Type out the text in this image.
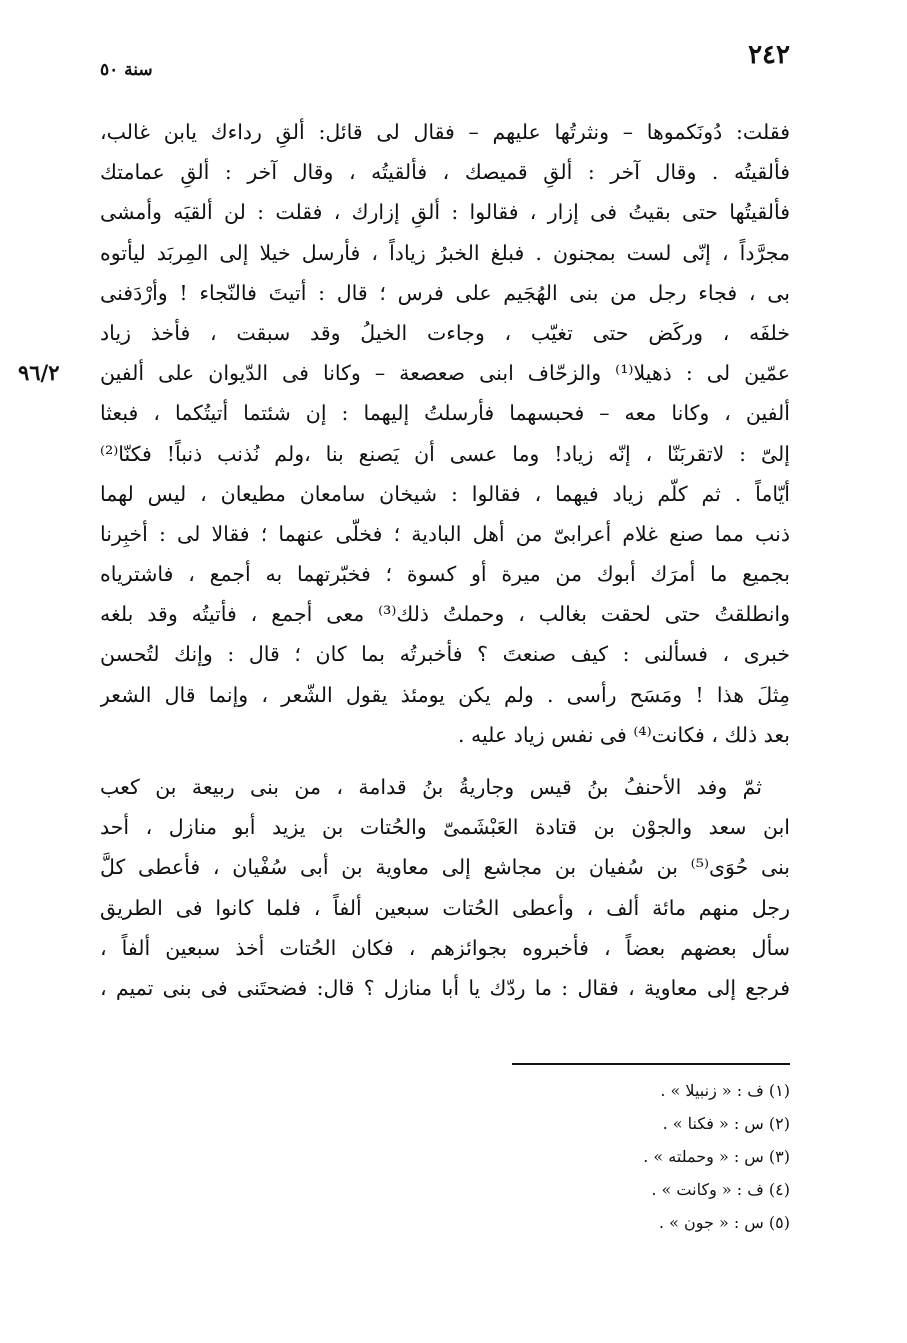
٢٤٢
سنة ٥٠
٩٦/٢

فقلت: دُونَكموها – ونثرتُها عليهم – فقال لى قائل: ألقِ رداءك يابن غالب،
فألقيتُه . وقال آخر : ألقِ قميصك ، فألقيتُه ، وقال آخر : ألقِ عمامتك
فألقيتُها حتى بقيتُ فى إزار ، فقالوا : ألقِ إزارك ، فقلت : لن ألقيَه وأمشى
مجرَّداً ، إنّى لست بمجنون . فبلغ الخبرُ زياداً ، فأرسل خيلا إلى المِربَد ليأتوه
بى ، فجاء رجل من بنى الهُجَيم على فرس ؛ قال : أتيتَ فالنّجاء ! وأرْدَفنى
خلفَه ، وركَض حتى تغيّب ، وجاءت الخيلُ وقد سبقت ، فأخذ زياد
عمّين لى : ذهيلا⁽¹⁾ والزحّاف ابنى صعصعة – وكانا فى الدّيوان على ألفين
ألفين ، وكانا معه – فحبسهما فأرسلتُ إليهما : إن شئتما أتيتُكما ، فبعثا
إلىّ : لاتقربَنّا ، إنّه زياد! وما عسى أن يَصنع بنا ،ولم نُذنب ذنباً! فكنّا⁽²⁾
أيّاماً . ثم كلّم زياد فيهما ، فقالوا : شيخان سامعان مطيعان ، ليس لهما
ذنب مما صنع غلام أعرابىّ من أهل البادية ؛ فخلّى عنهما ؛ فقالا لى : أخبِرنا
بجميع ما أمرَك أبوك من ميرة أو كسوة ؛ فخبّرتهما به أجمع ، فاشترياه
وانطلقتُ حتى لحقت بغالب ، وحملتُ ذلك⁽³⁾ معى أجمع ، فأتيتُه وقد بلغه
خبرى ، فسألنى : كيف صنعتَ ؟ فأخبرتُه بما كان ؛ قال : وإنك لتُحسن
مِثلَ هذا ! ومَسَح رأسى . ولم يكن يومئذ يقول الشّعر ، وإنما قال الشعر
بعد ذلك ، فكانت⁽⁴⁾ فى نفس زياد عليه .

ثمّ وفد الأحنفُ بنُ قيس وجاريةُ بنُ قدامة ، من بنى ربيعة بن كعب
ابن سعد والجوْن بن قتادة العَبْشَمىّ والحُتات بن يزيد أبو منازل ، أحد
بنى حُوَى⁽⁵⁾ بن سُفيان بن مجاشع إلى معاوية بن أبى سُفْيان ، فأعطى كلَّ
رجل منهم مائة ألف ، وأعطى الحُتات سبعين ألفاً ، فلما كانوا فى الطريق
سأل بعضهم بعضاً ، فأخبروه بجوائزهم ، فكان الحُتات أخذ سبعين ألفاً ،
فرجع إلى معاوية ، فقال : ما ردّك يا أبا منازل ؟ قال: فضحتَنى فى بنى تميم ،

(١) ف : « زنبيلا » .
(٢) س : « فكنا » .
(٣) س : « وحملته » .
(٤) ف : « وكانت » .
(٥) س : « جون » .
